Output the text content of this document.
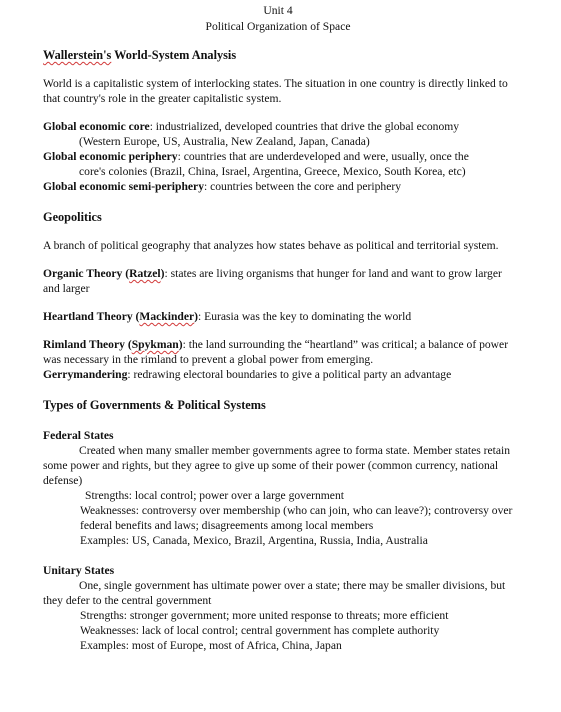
Unit 4
Political Organization of Space

Wallerstein's World-System Analysis

World is a capitalistic system of interlocking states. The situation in one country is directly linked to that country's role in the greater capitalistic system.

Global economic core: industrialized, developed countries that drive the global economy

(Western Europe, US, Australia, New Zealand, Japan, Canada)

Global economic periphery: countries that are underdeveloped and were, usually, once the

core's colonies (Brazil, China, Israel, Argentina, Greece, Mexico, South Korea, etc)

Global economic semi-periphery: countries between the core and periphery

Geopolitics

A branch of political geography that analyzes how states behave as political and territorial system.

Organic Theory (Ratzel): states are living organisms that hunger for land and want to grow larger and larger

Heartland Theory (Mackinder): Eurasia was the key to dominating the world

Rimland Theory (Spykman): the land surrounding the “heartland” was critical; a balance of power was necessary in the rimland to prevent a global power from emerging.

Gerrymandering: redrawing electoral boundaries to give a political party an advantage

Types of Governments & Political Systems

Federal States

Created when many smaller member governments agree to forma state. Member states retain some power and rights, but they agree to give up some of their power (common currency, national defense)

Strengths: local control; power over a large government

Weaknesses: controversy over membership (who can join, who can leave?); controversy over federal benefits and laws; disagreements among local members

Examples: US, Canada, Mexico, Brazil, Argentina, Russia, India, Australia

Unitary States

One, single government has ultimate power over a state; there may be smaller divisions, but they defer to the central government

Strengths: stronger government; more united response to threats; more efficient

Weaknesses: lack of local control; central government has complete authority

Examples: most of Europe, most of Africa, China, Japan
